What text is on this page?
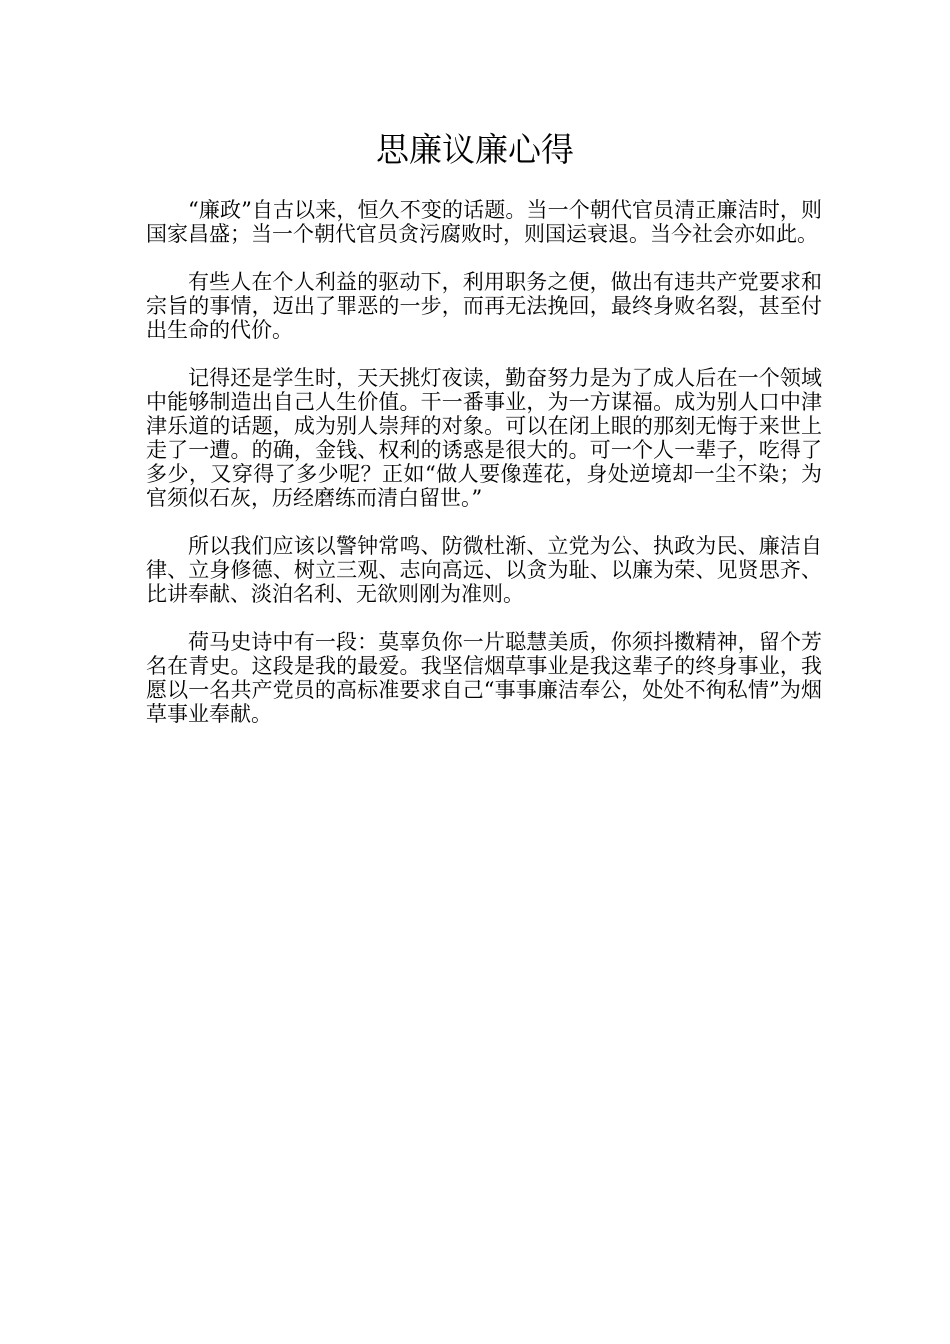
思廉议廉心得

“廉政”自古以来，恒久不变的话题。当一个朝代官员清正廉洁时，则国家昌盛；当一个朝代官员贪污腐败时，则国运衰退。当今社会亦如此。

有些人在个人利益的驱动下，利用职务之便，做出有违共产党要求和宗旨的事情，迈出了罪恶的一步，而再无法挽回，最终身败名裂，甚至付出生命的代价。

记得还是学生时，天天挑灯夜读，勤奋努力是为了成人后在一个领域中能够制造出自己人生价值。干一番事业，为一方谋福。成为别人口中津津乐道的话题，成为别人崇拜的对象。可以在闭上眼的那刻无悔于来世上走了一遭。的确，金钱、权利的诱惑是很大的。可一个人一辈子，吃得了多少，又穿得了多少呢？正如“做人要像莲花，身处逆境却一尘不染；为官须似石灰，历经磨练而清白留世。”

所以我们应该以警钟常鸣、防微杜渐、立党为公、执政为民、廉洁自律、立身修德、树立三观、志向高远、以贪为耻、以廉为荣、见贤思齐、比讲奉献、淡泊名利、无欲则刚为准则。

荷马史诗中有一段：莫辜负你一片聪慧美质，你须抖擞精神，留个芳名在青史。这段是我的最爱。我坚信烟草事业是我这辈子的终身事业，我愿以一名共产党员的高标准要求自己“事事廉洁奉公，处处不徇私情”为烟草事业奉献。
